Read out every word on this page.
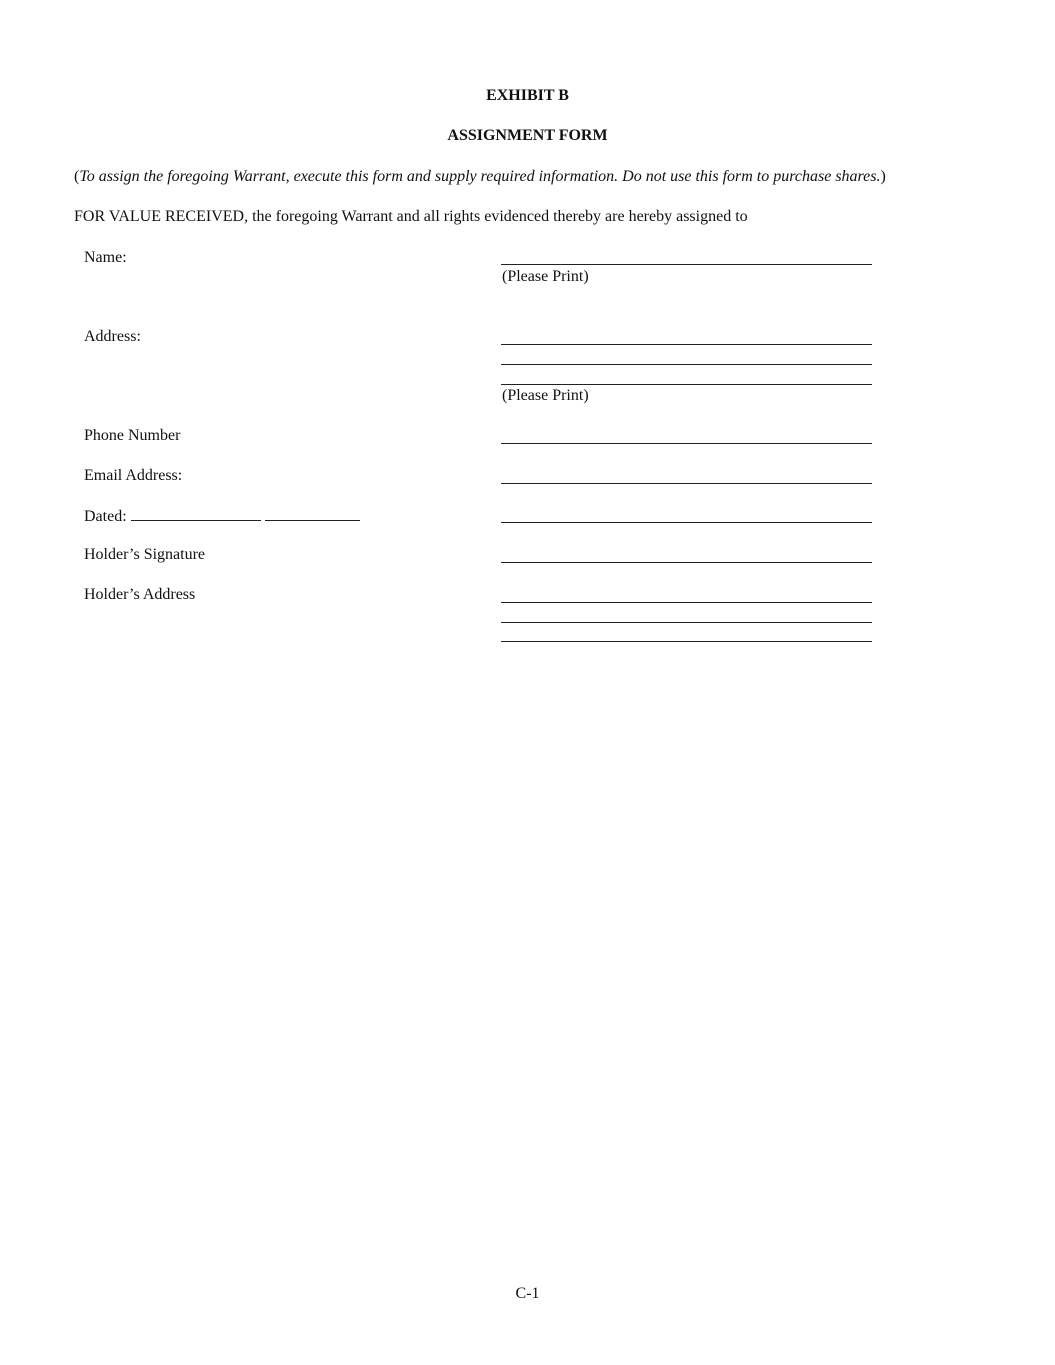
EXHIBIT B
ASSIGNMENT FORM
(To assign the foregoing Warrant, execute this form and supply required information. Do not use this form to purchase shares.)
FOR VALUE RECEIVED, the foregoing Warrant and all rights evidenced thereby are hereby assigned to
Name:
(Please Print)
Address:
(Please Print)
Phone Number
Email Address:
Dated:
Holder’s Signature
Holder’s Address
C-1
